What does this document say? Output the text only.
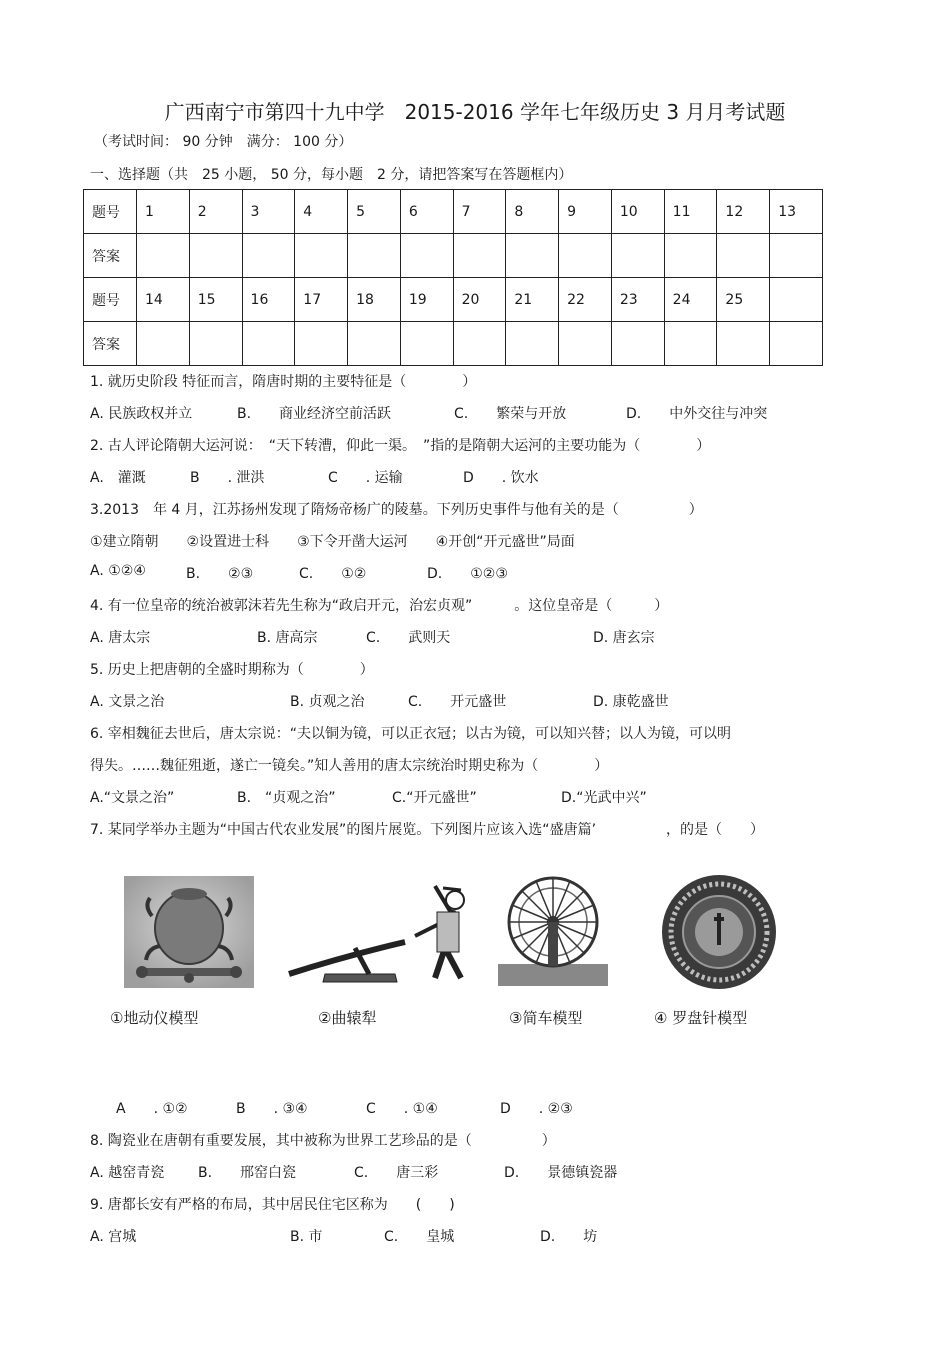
广西南宁市第四十九中学　2015-2016 学年七年级历史 3 月月考试题
（考试时间： 90 分钟　满分： 100 分）
一、选择题（共　25 小题， 50 分，每小题　2 分，请把答案写在答题框内）
题号	1	2	3	4	5	6	7	8	9	10	11	12	13
答案													
题号	14	15	16	17	18	19	20	21	22	23	24	25	
答案													
1. 就历史阶段 特征而言，隋唐时期的主要特征是（　　　　）
A. 民族政权并立	B.　　商业经济空前活跃	C.　　繁荣与开放	D.　　中外交往与冲突
2. 古人评论隋朝大运河说：　“天下转漕，仰此一渠。　”指的是隋朝大运河的主要功能为（　　　　）
A.　灌溉	B　　. 泄洪	C　　. 运输	D　　. 饮水
3.2013　年 4 月，江苏扬州发现了隋炀帝杨广的陵墓。下列历史事件与他有关的是（　　　　　）
①建立隋朝　　②设置进士科　　③下令开凿大运河　　④开创“开元盛世”局面
A. ①②④	B.　　②③	C.　　①②	D.　　①②③
4. 有一位皇帝的统治被郭沫若先生称为“政启开元，治宏贞观”　　　。这位皇帝是（　　　）
A. 唐太宗	B. 唐高宗	C.　　武则天	D. 唐玄宗
5. 历史上把唐朝的全盛时期称为（　　　　）
A. 文景之治	B. 贞观之治	C.　　开元盛世	D. 康乾盛世
6. 宰相魏征去世后，唐太宗说：“夫以铜为镜，可以正衣冠；以古为镜，可以知兴替；以人为镜，可以明
得失。……魏征殂逝，遂亡一镜矣。”知人善用的唐太宗统治时期史称为（　　　　）
A.“文景之治”	B.　“贞观之治”	C.“开元盛世”	D.“光武中兴”
7. 某同学举办主题为“中国古代农业发展”的图片展览。下列图片应该入选“盛唐篇’　　　　　，的是（　　）
①地动仪模型	②曲辕犁	③简车模型	④ 罗盘针模型
A　　. ①②	B　　. ③④	C　　. ①④	D　　. ②③
8. 陶瓷业在唐朝有重要发展，其中被称为世界工艺珍品的是（　　　　　）
A. 越窑青瓷 B.　　邢窑白瓷	C.　　唐三彩	D.　　景德镇瓷器
9. 唐都长安有严格的布局，其中居民住宅区称为　　(　　)
A. 宫城	B. 市	C.　　皇城	D.　　坊
